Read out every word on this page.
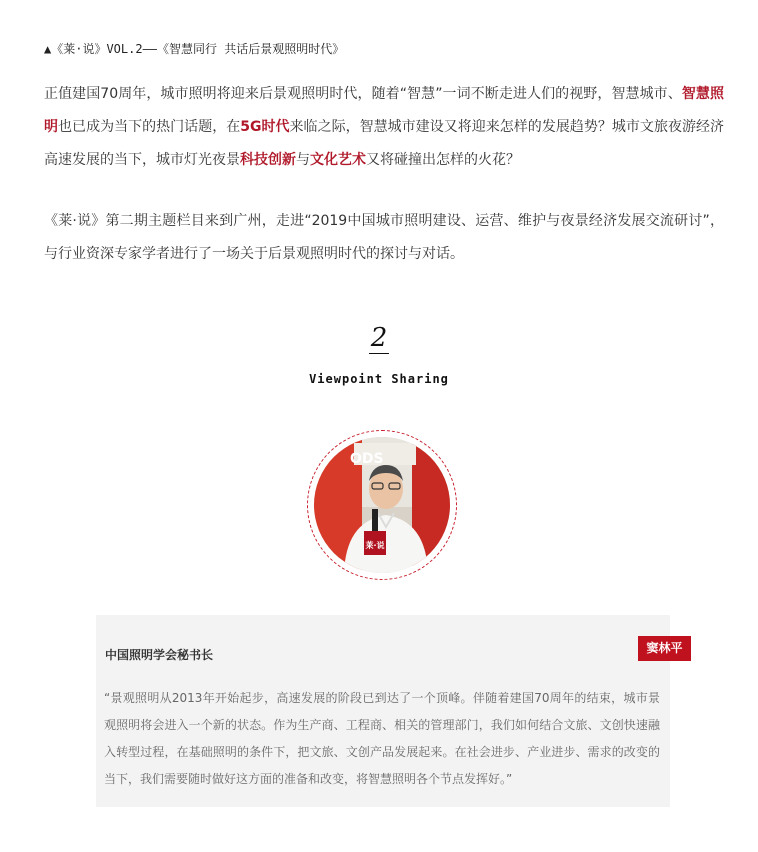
▲《莱·说》VOL.2——《智慧同行 共话后景观照明时代》

正值建国70周年，城市照明将迎来后景观照明时代，随着“智慧”一词不断走进人们的视野，智慧城市、智慧照明也已成为当下的热门话题，在5G时代来临之际，智慧城市建设又将迎来怎样的发展趋势？城市文旅夜游经济高速发展的当下，城市灯光夜景科技创新与文化艺术又将碰撞出怎样的火花？

《莱·说》第二期主题栏目来到广州，走进“2019中国城市照明建设、运营、维护与夜景经济发展交流研讨”，与行业资深专家学者进行了一场关于后景观照明时代的探讨与对话。

2
Viewpoint Sharing
ODS
莱·说
中国照明学会秘书长	窦林平

“景观照明从2013年开始起步，高速发展的阶段已到达了一个顶峰。伴随着建国70周年的结束，城市景观照明将会进入一个新的状态。作为生产商、工程商、相关的管理部门，我们如何结合文旅、文创快速融入转型过程，在基础照明的条件下，把文旅、文创产品发展起来。在社会进步、产业进步、需求的改变的当下，我们需要随时做好这方面的准备和改变，将智慧照明各个节点发挥好。”
